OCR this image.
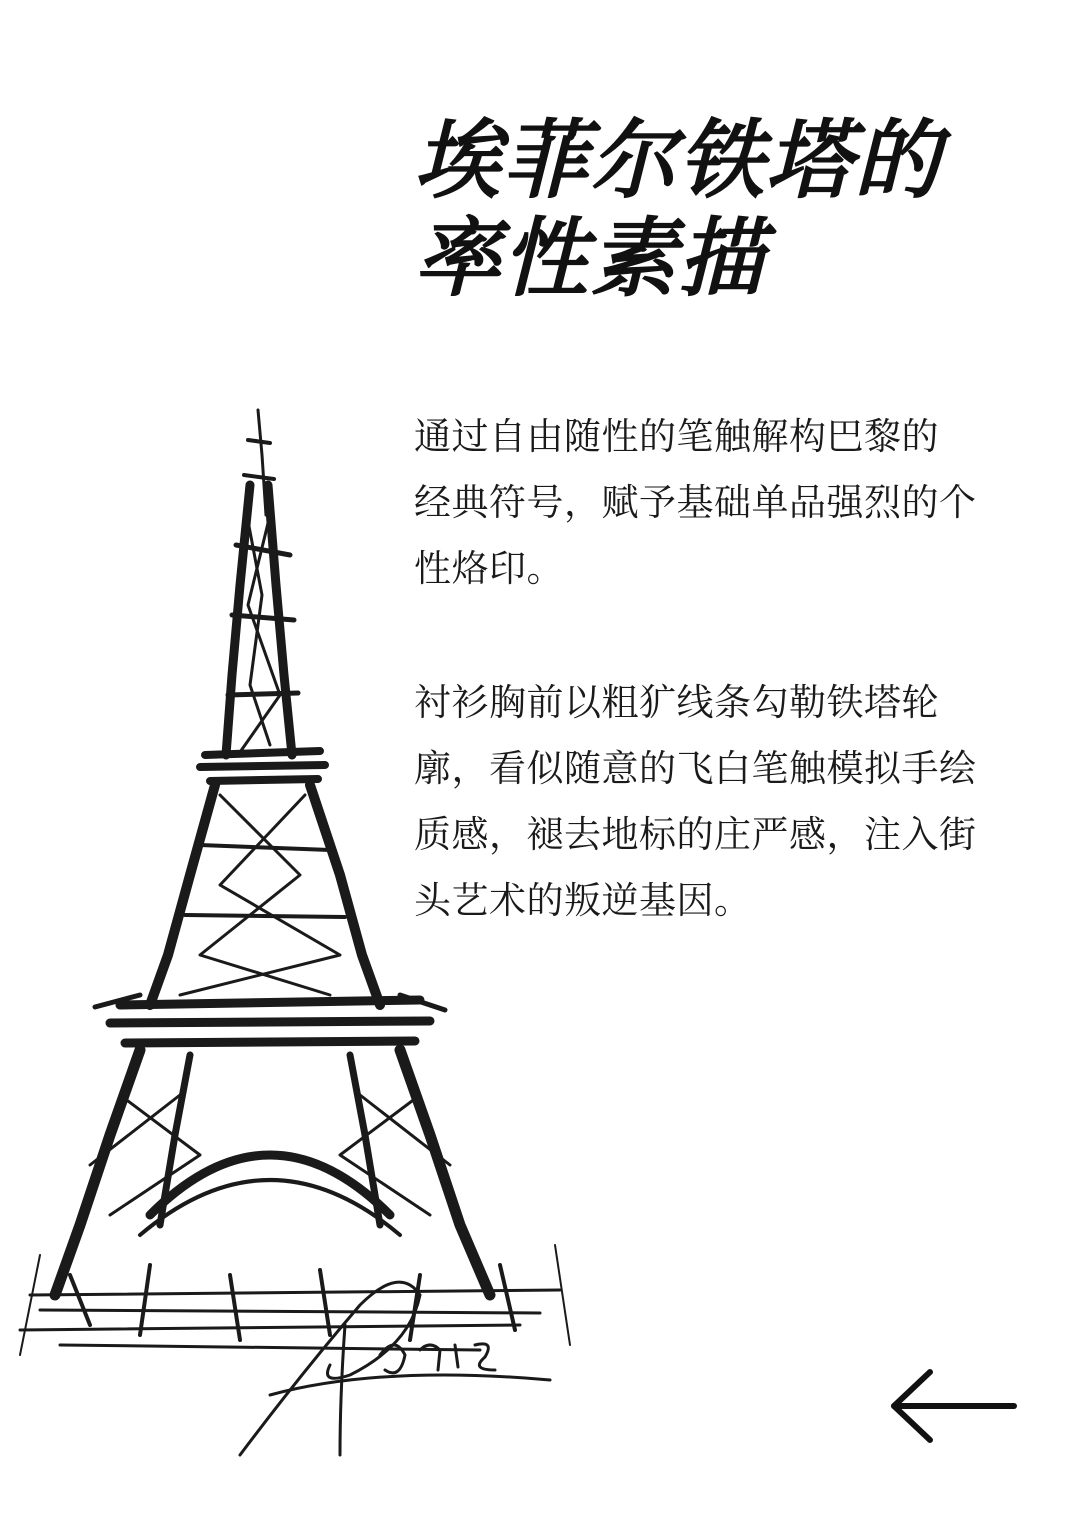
埃菲尔铁塔的
率性素描

通过自由随性的笔触解构巴黎的
经典符号，赋予基础单品强烈的个
性烙印。

衬衫胸前以粗犷线条勾勒铁塔轮
廓，看似随意的飞白笔触模拟手绘
质感，褪去地标的庄严感，注入街
头艺术的叛逆基因。

Paris
